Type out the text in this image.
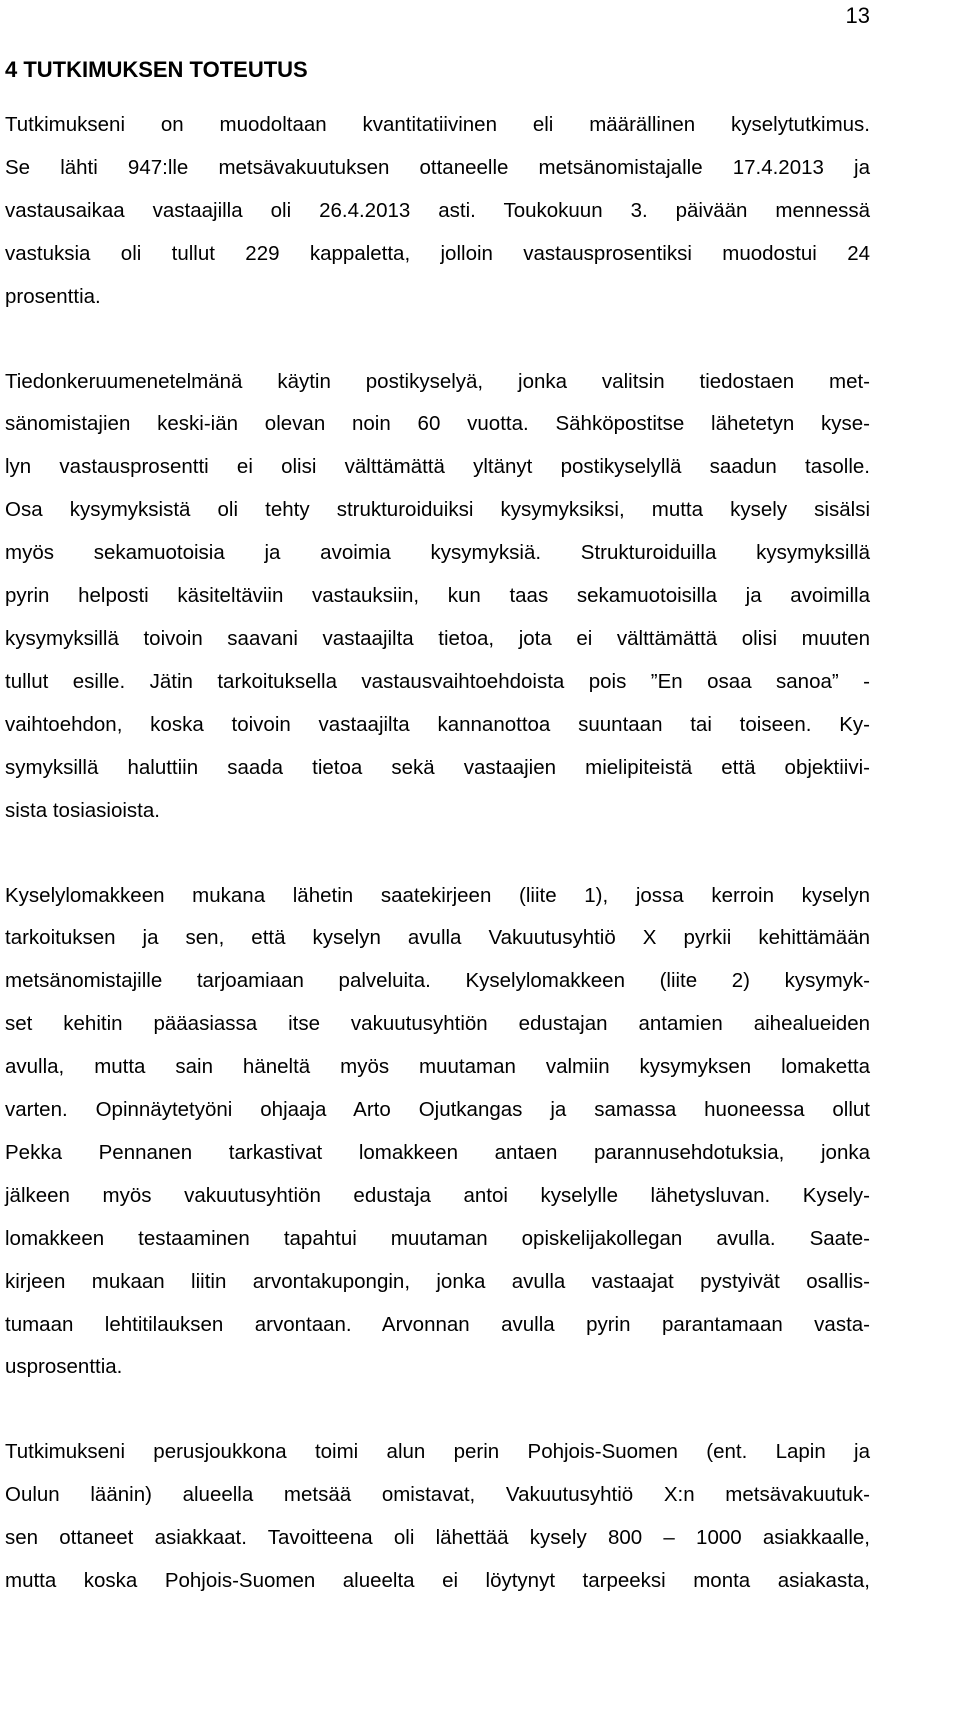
13
4 TUTKIMUKSEN TOTEUTUS
Tutkimukseni on muodoltaan kvantitatiivinen eli määrällinen kyselytutkimus.
Se lähti 947:lle metsävakuutuksen ottaneelle metsänomistajalle 17.4.2013 ja
vastausaikaa vastaajilla oli 26.4.2013 asti. Toukokuun 3. päivään mennessä
vastuksia oli tullut 229 kappaletta, jolloin vastausprosentiksi muodostui 24
prosenttia.
Tiedonkeruumenetelmänä käytin postikyselyä, jonka valitsin tiedostaen met-
sänomistajien keski-iän olevan noin 60 vuotta. Sähköpostitse lähetetyn kyse-
lyn vastausprosentti ei olisi välttämättä yltänyt postikyselyllä saadun tasolle.
Osa kysymyksistä oli tehty strukturoiduiksi kysymyksiksi, mutta kysely sisälsi
myös sekamuotoisia ja avoimia kysymyksiä. Strukturoiduilla kysymyksillä
pyrin helposti käsiteltäviin vastauksiin, kun taas sekamuotoisilla ja avoimilla
kysymyksillä toivoin saavani vastaajilta tietoa, jota ei välttämättä olisi muuten
tullut esille. Jätin tarkoituksella vastausvaihtoehdoista pois ”En osaa sanoa” -
vaihtoehdon, koska toivoin vastaajilta kannanottoa suuntaan tai toiseen. Ky-
symyksillä haluttiin saada tietoa sekä vastaajien mielipiteistä että objektiivi-
sista tosiasioista.
Kyselylomakkeen mukana lähetin saatekirjeen (liite 1), jossa kerroin kyselyn
tarkoituksen ja sen, että kyselyn avulla Vakuutusyhtiö X pyrkii kehittämään
metsänomistajille tarjoamiaan palveluita. Kyselylomakkeen (liite 2) kysymyk-
set kehitin pääasiassa itse vakuutusyhtiön edustajan antamien aihealueiden
avulla, mutta sain häneltä myös muutaman valmiin kysymyksen lomaketta
varten. Opinnäytetyöni ohjaaja Arto Ojutkangas ja samassa huoneessa ollut
Pekka Pennanen tarkastivat lomakkeen antaen parannusehdotuksia, jonka
jälkeen myös vakuutusyhtiön edustaja antoi kyselylle lähetysluvan. Kysely-
lomakkeen testaaminen tapahtui muutaman opiskelijakollegan avulla. Saate-
kirjeen mukaan liitin arvontakupongin, jonka avulla vastaajat pystyivät osallis-
tumaan lehtitilauksen arvontaan. Arvonnan avulla pyrin parantamaan vasta-
usprosenttia.
Tutkimukseni perusjoukkona toimi alun perin Pohjois-Suomen (ent. Lapin ja
Oulun läänin) alueella metsää omistavat, Vakuutusyhtiö X:n metsävakuutuk-
sen ottaneet asiakkaat. Tavoitteena oli lähettää kysely 800 – 1000 asiakkaalle,
mutta koska Pohjois-Suomen alueelta ei löytynyt tarpeeksi monta asiakasta,
